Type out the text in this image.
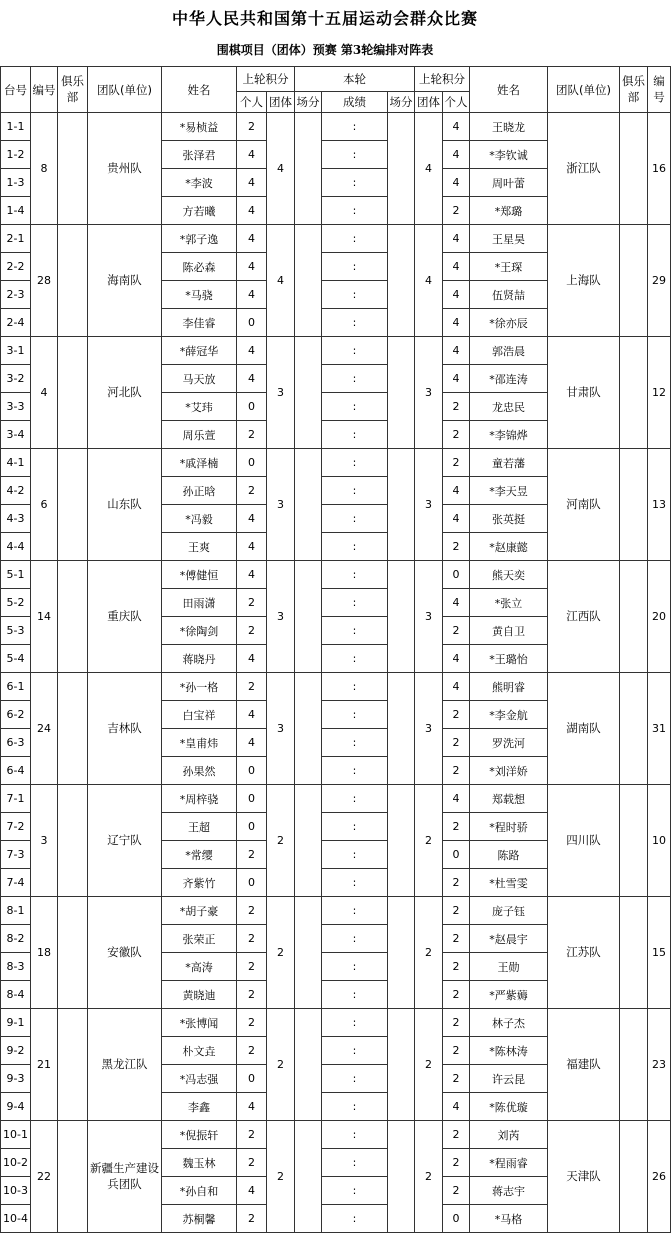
中华人民共和国第十五届运动会群众比赛
围棋项目（团体）预赛 第3轮编排对阵表
台号	编号	俱乐部	团队(单位)	姓名	上轮积分		本轮			上轮积分		姓名	团队(单位)	俱乐部	编号
					个人	团体	场分	成绩	场分	团体	个人				
1-1	8		贵州队	*易桢益	2	4		:		4	4	王晓龙	浙江队		16
1-2				张泽君	4			:			4	*李钦诚			
1-3				*李波	4			:			4	周叶蕾			
1-4				方若曦	4			:			2	*郑璐			
2-1	28		海南队	*郭子逸	4	4		:		4	4	王星昊	上海队		29
2-2				陈必森	4			:			4	*王琛			
2-3				*马骁	4			:			4	伍贤喆			
2-4				李佳睿	0			:			4	*徐亦辰			
3-1	4		河北队	*薛冠华	4	3		:		3	4	郭浩晨	甘肃队		12
3-2				马天放	4			:			4	*邵连涛			
3-3				*艾玮	0			:			2	龙忠民			
3-4				周乐萱	2			:			2	*李锦烨			
4-1	6		山东队	*戚泽楠	0	3		:		3	2	童若藩	河南队		13
4-2				孙正晗	2			:			4	*李天昱			
4-3				*冯毅	4			:			4	张英挺			
4-4				王爽	4			:			2	*赵康懿			
5-1	14		重庆队	*傅健恒	4	3		:		3	0	熊天奕	江西队		20
5-2				田雨潇	2			:			4	*张立			
5-3				*徐陶剑	2			:			2	黄自卫			
5-4				蒋晓丹	4			:			4	*王璐怡			
6-1	24		吉林队	*孙一格	2	3		:		3	4	熊明睿	湖南队		31
6-2				白宝祥	4			:			2	*李金航			
6-3				*皇甫炜	4			:			2	罗洗河			
6-4				孙果然	0			:			2	*刘洋娇			
7-1	3		辽宁队	*周梓骁	0	2		:		2	4	郑载想	四川队		10
7-2				王超	0			:			2	*程时骄			
7-3				*常缨	2			:			0	陈路			
7-4				齐紫竹	0			:			2	*杜雪雯			
8-1	18		安徽队	*胡子豪	2	2		:		2	2	庞子钰	江苏队		15
8-2				张荣正	2			:			2	*赵晨宇			
8-3				*高涛	2			:			2	王勋			
8-4				黄晓迪	2			:			2	*严紫薅			
9-1	21		黑龙江队	*张博闻	2	2		:		2	2	林子杰	福建队		23
9-2				朴文垚	2			:			2	*陈林涛			
9-3				*冯志强	0			:			2	许云昆			
9-4				李鑫	4			:			4	*陈优璇			
10-1	22		新疆生产建设兵团队	*倪振轩	2	2		:		2	2	刘芮	天津队		26
10-2				魏玉林	2			:			2	*程雨睿			
10-3				*孙自和	4			:			2	蒋志宇			
10-4				苏桐馨	2			:			0	*马格			
